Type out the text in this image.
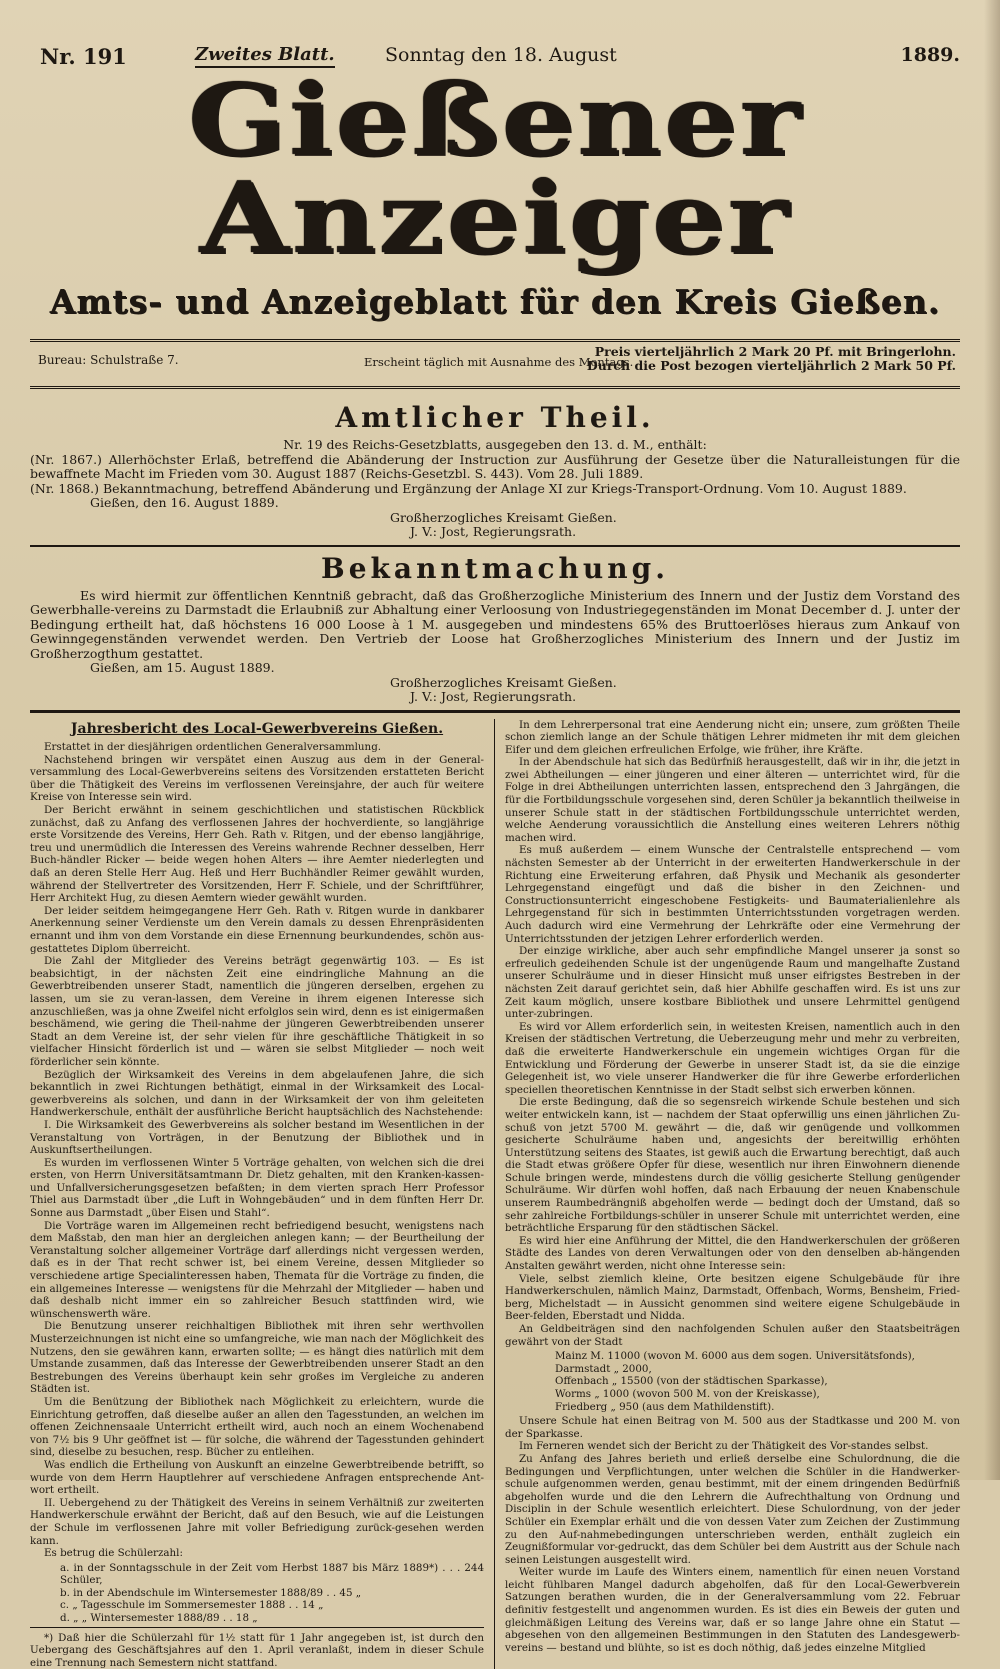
Nr. 191	Zweites Blatt.	Sonntag den 18. August	1889.
Gießener Anzeiger
Amts- und Anzeigeblatt für den Kreis Gießen.
Bureau: Schulstraße 7.	Erscheint täglich mit Ausnahme des Montags.
Preis vierteljährlich 2 Mark 20 Pf. mit Bringerlohn.
Durch die Post bezogen vierteljährlich 2 Mark 50 Pf.
Amtlicher Theil.

Nr. 19 des Reichs-Gesetzblatts, ausgegeben den 13. d. M., enthält:

(Nr. 1867.) Allerhöchster Erlaß, betreffend die Abänderung der Instruction zur Ausführung der Gesetze über die Naturalleistungen für die bewaffnete Macht im Frieden vom 30. August 1887 (Reichs-Gesetzbl. S. 443). Vom 28. Juli 1889.

(Nr. 1868.) Bekanntmachung, betreffend Abänderung und Ergänzung der Anlage XI zur Kriegs-Transport-Ordnung. Vom 10. August 1889.

Gießen, den 16. August 1889.

Großherzogliches Kreisamt Gießen.

J. V.: Jost, Regierungsrath.

Bekanntmachung.

Es wird hiermit zur öffentlichen Kenntniß gebracht, daß das Großherzogliche Ministerium des Innern und der Justiz dem Vorstand des Gewerbhalle-vereins zu Darmstadt die Erlaubniß zur Abhaltung einer Verloosung von Industriegegenständen im Monat December d. J. unter der Bedingung ertheilt hat, daß höchstens 16 000 Loose à 1 M. ausgegeben und mindestens 65% des Bruttoerlöses hieraus zum Ankauf von Gewinngegenständen verwendet werden. Den Vertrieb der Loose hat Großherzogliches Ministerium des Innern und der Justiz im Großherzogthum gestattet.

Gießen, am 15. August 1889.

Großherzogliches Kreisamt Gießen.

J. V.: Jost, Regierungsrath.

Jahresbericht des Local-Gewerbvereins Gießen.

Erstattet in der diesjährigen ordentlichen Generalversammlung.

Nachstehend bringen wir verspätet einen Auszug aus dem in der General-versammlung des Local-Gewerbvereins seitens des Vorsitzenden erstatteten Bericht über die Thätigkeit des Vereins im verflossenen Vereinsjahre, der auch für weitere Kreise von Interesse sein wird.

Der Bericht erwähnt in seinem geschichtlichen und statistischen Rückblick zunächst, daß zu Anfang des verflossenen Jahres der hochverdiente, so langjährige erste Vorsitzende des Vereins, Herr Geh. Rath v. Ritgen, und der ebenso langjährige, treu und unermüdlich die Interessen des Vereins wahrende Rechner desselben, Herr Buch-händler Ricker — beide wegen hohen Alters — ihre Aemter niederlegten und daß an deren Stelle Herr Aug. Heß und Herr Buchhändler Reimer gewählt wurden, während der Stellvertreter des Vorsitzenden, Herr F. Schiele, und der Schriftführer, Herr Architekt Hug, zu diesen Aemtern wieder gewählt wurden.

Der leider seitdem heimgegangene Herr Geh. Rath v. Ritgen wurde in dankbarer Anerkennung seiner Verdienste um den Verein damals zu dessen Ehrenpräsidenten ernannt und ihm von dem Vorstande ein diese Ernennung beurkundendes, schön aus-gestattetes Diplom überreicht.

Die Zahl der Mitglieder des Vereins beträgt gegenwärtig 103. — Es ist beabsichtigt, in der nächsten Zeit eine eindringliche Mahnung an die Gewerbtreibenden unserer Stadt, namentlich die jüngeren derselben, ergehen zu lassen, um sie zu veran-lassen, dem Vereine in ihrem eigenen Interesse sich anzuschließen, was ja ohne Zweifel nicht erfolglos sein wird, denn es ist einigermaßen beschämend, wie gering die Theil-nahme der jüngeren Gewerbtreibenden unserer Stadt an dem Vereine ist, der sehr vielen für ihre geschäftliche Thätigkeit in so vielfacher Hinsicht förderlich ist und — wären sie selbst Mitglieder — noch weit förderlicher sein könnte.

Bezüglich der Wirksamkeit des Vereins in dem abgelaufenen Jahre, die sich bekanntlich in zwei Richtungen bethätigt, einmal in der Wirksamkeit des Local-gewerbvereins als solchen, und dann in der Wirksamkeit der von ihm geleiteten Handwerkerschule, enthält der ausführliche Bericht hauptsächlich des Nachstehende:

I. Die Wirksamkeit des Gewerbvereins als solcher bestand im Wesentlichen in der Veranstaltung von Vorträgen, in der Benutzung der Bibliothek und in Auskunftsertheilungen.

Es wurden im verflossenen Winter 5 Vorträge gehalten, von welchen sich die drei ersten, von Herrn Universitätsamtmann Dr. Dietz gehalten, mit den Kranken-kassen- und Unfallversicherungsgesetzen befaßten; in dem vierten sprach Herr Professor Thiel aus Darmstadt über „die Luft in Wohngebäuden“ und in dem fünften Herr Dr. Sonne aus Darmstadt „über Eisen und Stahl“.

Die Vorträge waren im Allgemeinen recht befriedigend besucht, wenigstens nach dem Maßstab, den man hier an dergleichen anlegen kann; — der Beurtheilung der Veranstaltung solcher allgemeiner Vorträge darf allerdings nicht vergessen werden, daß es in der That recht schwer ist, bei einem Vereine, dessen Mitglieder so verschiedene artige Specialinteressen haben, Themata für die Vorträge zu finden, die ein allgemeines Interesse — wenigstens für die Mehrzahl der Mitglieder — haben und daß deshalb nicht immer ein so zahlreicher Besuch stattfinden wird, wie wünschenswerth wäre.

Die Benutzung unserer reichhaltigen Bibliothek mit ihren sehr werthvollen Musterzeichnungen ist nicht eine so umfangreiche, wie man nach der Möglichkeit des Nutzens, den sie gewähren kann, erwarten sollte; — es hängt dies natürlich mit dem Umstande zusammen, daß das Interesse der Gewerbtreibenden unserer Stadt an den Bestrebungen des Vereins überhaupt kein sehr großes im Vergleiche zu anderen Städten ist.

Um die Benützung der Bibliothek nach Möglichkeit zu erleichtern, wurde die Einrichtung getroffen, daß dieselbe außer an allen den Tagesstunden, an welchen im offenen Zeichnensaale Unterricht ertheilt wird, auch noch an einem Wochenabend von 7½ bis 9 Uhr geöffnet ist — für solche, die während der Tagesstunden gehindert sind, dieselbe zu besuchen, resp. Bücher zu entleihen.

Was endlich die Ertheilung von Auskunft an einzelne Gewerbtreibende betrifft, so wurde von dem Herrn Hauptlehrer auf verschiedene Anfragen entsprechende Ant-wort ertheilt.

II. Uebergehend zu der Thätigkeit des Vereins in seinem Verhältniß zur zweiterten Handwerkerschule erwähnt der Bericht, daß auf den Besuch, wie auf die Leistungen der Schule im verflossenen Jahre mit voller Befriedigung zurück-gesehen werden kann.

Es betrug die Schülerzahl:

a. in der Sonntagsschule in der Zeit vom Herbst 1887 bis März 1889*) . . . 244 Schüler,
b. in der Abendschule im Wintersemester 1888/89 . . 45 „
c. „ Tagesschule im Sommersemester 1888 . . 14 „
d. „ „ Wintersemester 1888/89 . . 18 „

*) Daß hier die Schülerzahl für 1½ statt für 1 Jahr angegeben ist, ist durch den Uebergang des Geschäftsjahres auf den 1. April veranlaßt, indem in dieser Schule eine Trennung nach Semestern nicht stattfand.

In dem Lehrerpersonal trat eine Aenderung nicht ein; unsere, zum größten Theile schon ziemlich lange an der Schule thätigen Lehrer midmeten ihr mit dem gleichen Eifer und dem gleichen erfreulichen Erfolge, wie früher, ihre Kräfte.

In der Abendschule hat sich das Bedürfniß herausgestellt, daß wir in ihr, die jetzt in zwei Abtheilungen — einer jüngeren und einer älteren — unterrichtet wird, für die Folge in drei Abtheilungen unterrichten lassen, entsprechend den 3 Jahrgängen, die für die Fortbildungsschule vorgesehen sind, deren Schüler ja bekanntlich theilweise in unserer Schule statt in der städtischen Fortbildungsschule unterrichtet werden, welche Aenderung voraussichtlich die Anstellung eines weiteren Lehrers nöthig machen wird.

Es muß außerdem — einem Wunsche der Centralstelle entsprechend — vom nächsten Semester ab der Unterricht in der erweiterten Handwerkerschule in der Richtung eine Erweiterung erfahren, daß Physik und Mechanik als gesonderter Lehrgegenstand eingefügt und daß die bisher in den Zeichnen- und Constructionsunterricht eingeschobene Festigkeits- und Baumaterialienlehre als Lehrgegenstand für sich in bestimmten Unterrichtsstunden vorgetragen werden. Auch dadurch wird eine Vermehrung der Lehrkräfte oder eine Vermehrung der Unterrichtsstunden der jetzigen Lehrer erforderlich werden.

Der einzige wirkliche, aber auch sehr empfindliche Mangel unserer ja sonst so erfreulich gedeihenden Schule ist der ungenügende Raum und mangelhafte Zustand unserer Schulräume und in dieser Hinsicht muß unser eifrigstes Bestreben in der nächsten Zeit darauf gerichtet sein, daß hier Abhilfe geschaffen wird. Es ist uns zur Zeit kaum möglich, unsere kostbare Bibliothek und unsere Lehrmittel genügend unter-zubringen.

Es wird vor Allem erforderlich sein, in weitesten Kreisen, namentlich auch in den Kreisen der städtischen Vertretung, die Ueberzeugung mehr und mehr zu verbreiten, daß die erweiterte Handwerkerschule ein ungemein wichtiges Organ für die Entwicklung und Förderung der Gewerbe in unserer Stadt ist, da sie die einzige Gelegenheit ist, wo viele unserer Handwerker die für ihre Gewerbe erforderlichen speciellen theoretischen Kenntnisse in der Stadt selbst sich erwerben können.

Die erste Bedingung, daß die so segensreich wirkende Schule bestehen und sich weiter entwickeln kann, ist — nachdem der Staat opferwillig uns einen jährlichen Zu-schuß von jetzt 5700 M. gewährt — die, daß wir genügende und vollkommen gesicherte Schulräume haben und, angesichts der bereitwillig erhöhten Unterstützung seitens des Staates, ist gewiß auch die Erwartung berechtigt, daß auch die Stadt etwas größere Opfer für diese, wesentlich nur ihren Einwohnern dienende Schule bringen werde, mindestens durch die völlig gesicherte Stellung genügender Schulräume. Wir dürfen wohl hoffen, daß nach Erbauung der neuen Knabenschule unserem Raumbedrängniß abgeholfen werde — bedingt doch der Umstand, daß so sehr zahlreiche Fortbildungs-schüler in unserer Schule mit unterrichtet werden, eine beträchtliche Ersparung für den städtischen Säckel.

Es wird hier eine Anführung der Mittel, die den Handwerkerschulen der größeren Städte des Landes von deren Verwaltungen oder von den denselben ab-hängenden Anstalten gewährt werden, nicht ohne Interesse sein:

Viele, selbst ziemlich kleine, Orte besitzen eigene Schulgebäude für ihre Handwerkerschulen, nämlich Mainz, Darmstadt, Offenbach, Worms, Bensheim, Fried-berg, Michelstadt — in Aussicht genommen sind weitere eigene Schulgebäude in Beer-felden, Eberstadt und Nidda.

An Geldbeiträgen sind den nachfolgenden Schulen außer den Staatsbeiträgen gewährt von der Stadt

Mainz M. 11000 (wovon M. 6000 aus dem sogen. Universitätsfonds),
Darmstadt „ 2000,
Offenbach „ 15500 (von der städtischen Sparkasse),
Worms „ 1000 (wovon 500 M. von der Kreiskasse),
Friedberg „ 950 (aus dem Mathildenstift).

Unsere Schule hat einen Beitrag von M. 500 aus der Stadtkasse und 200 M. von der Sparkasse.

Im Ferneren wendet sich der Bericht zu der Thätigkeit des Vor-standes selbst.

Zu Anfang des Jahres berieth und erließ derselbe eine Schulordnung, die die Bedingungen und Verpflichtungen, unter welchen die Schüler in die Handwerker-schule aufgenommen werden, genau bestimmt, mit der einem dringenden Bedürfniß abgeholfen wurde und die den Lehrern die Aufrechthaltung von Ordnung und Disciplin in der Schule wesentlich erleichtert. Diese Schulordnung, von der jeder Schüler ein Exemplar erhält und die von dessen Vater zum Zeichen der Zustimmung zu den Auf-nahmebedingungen unterschrieben werden, enthält zugleich ein Zeugnißformular vor-gedruckt, das dem Schüler bei dem Austritt aus der Schule nach seinen Leistungen ausgestellt wird.

Weiter wurde im Laufe des Winters einem, namentlich für einen neuen Vorstand leicht fühlbaren Mangel dadurch abgeholfen, daß für den Local-Gewerbverein Satzungen berathen wurden, die in der Generalversammlung vom 22. Februar definitiv festgestellt und angenommen wurden. Es ist dies ein Beweis der guten und gleichmäßigen Leitung des Vereins war, daß er so lange Jahre ohne ein Statut — abgesehen von den allgemeinen Bestimmungen in den Statuten des Landesgewerb-vereins — bestand und blühte, so ist es doch nöthig, daß jedes einzelne Mitglied
